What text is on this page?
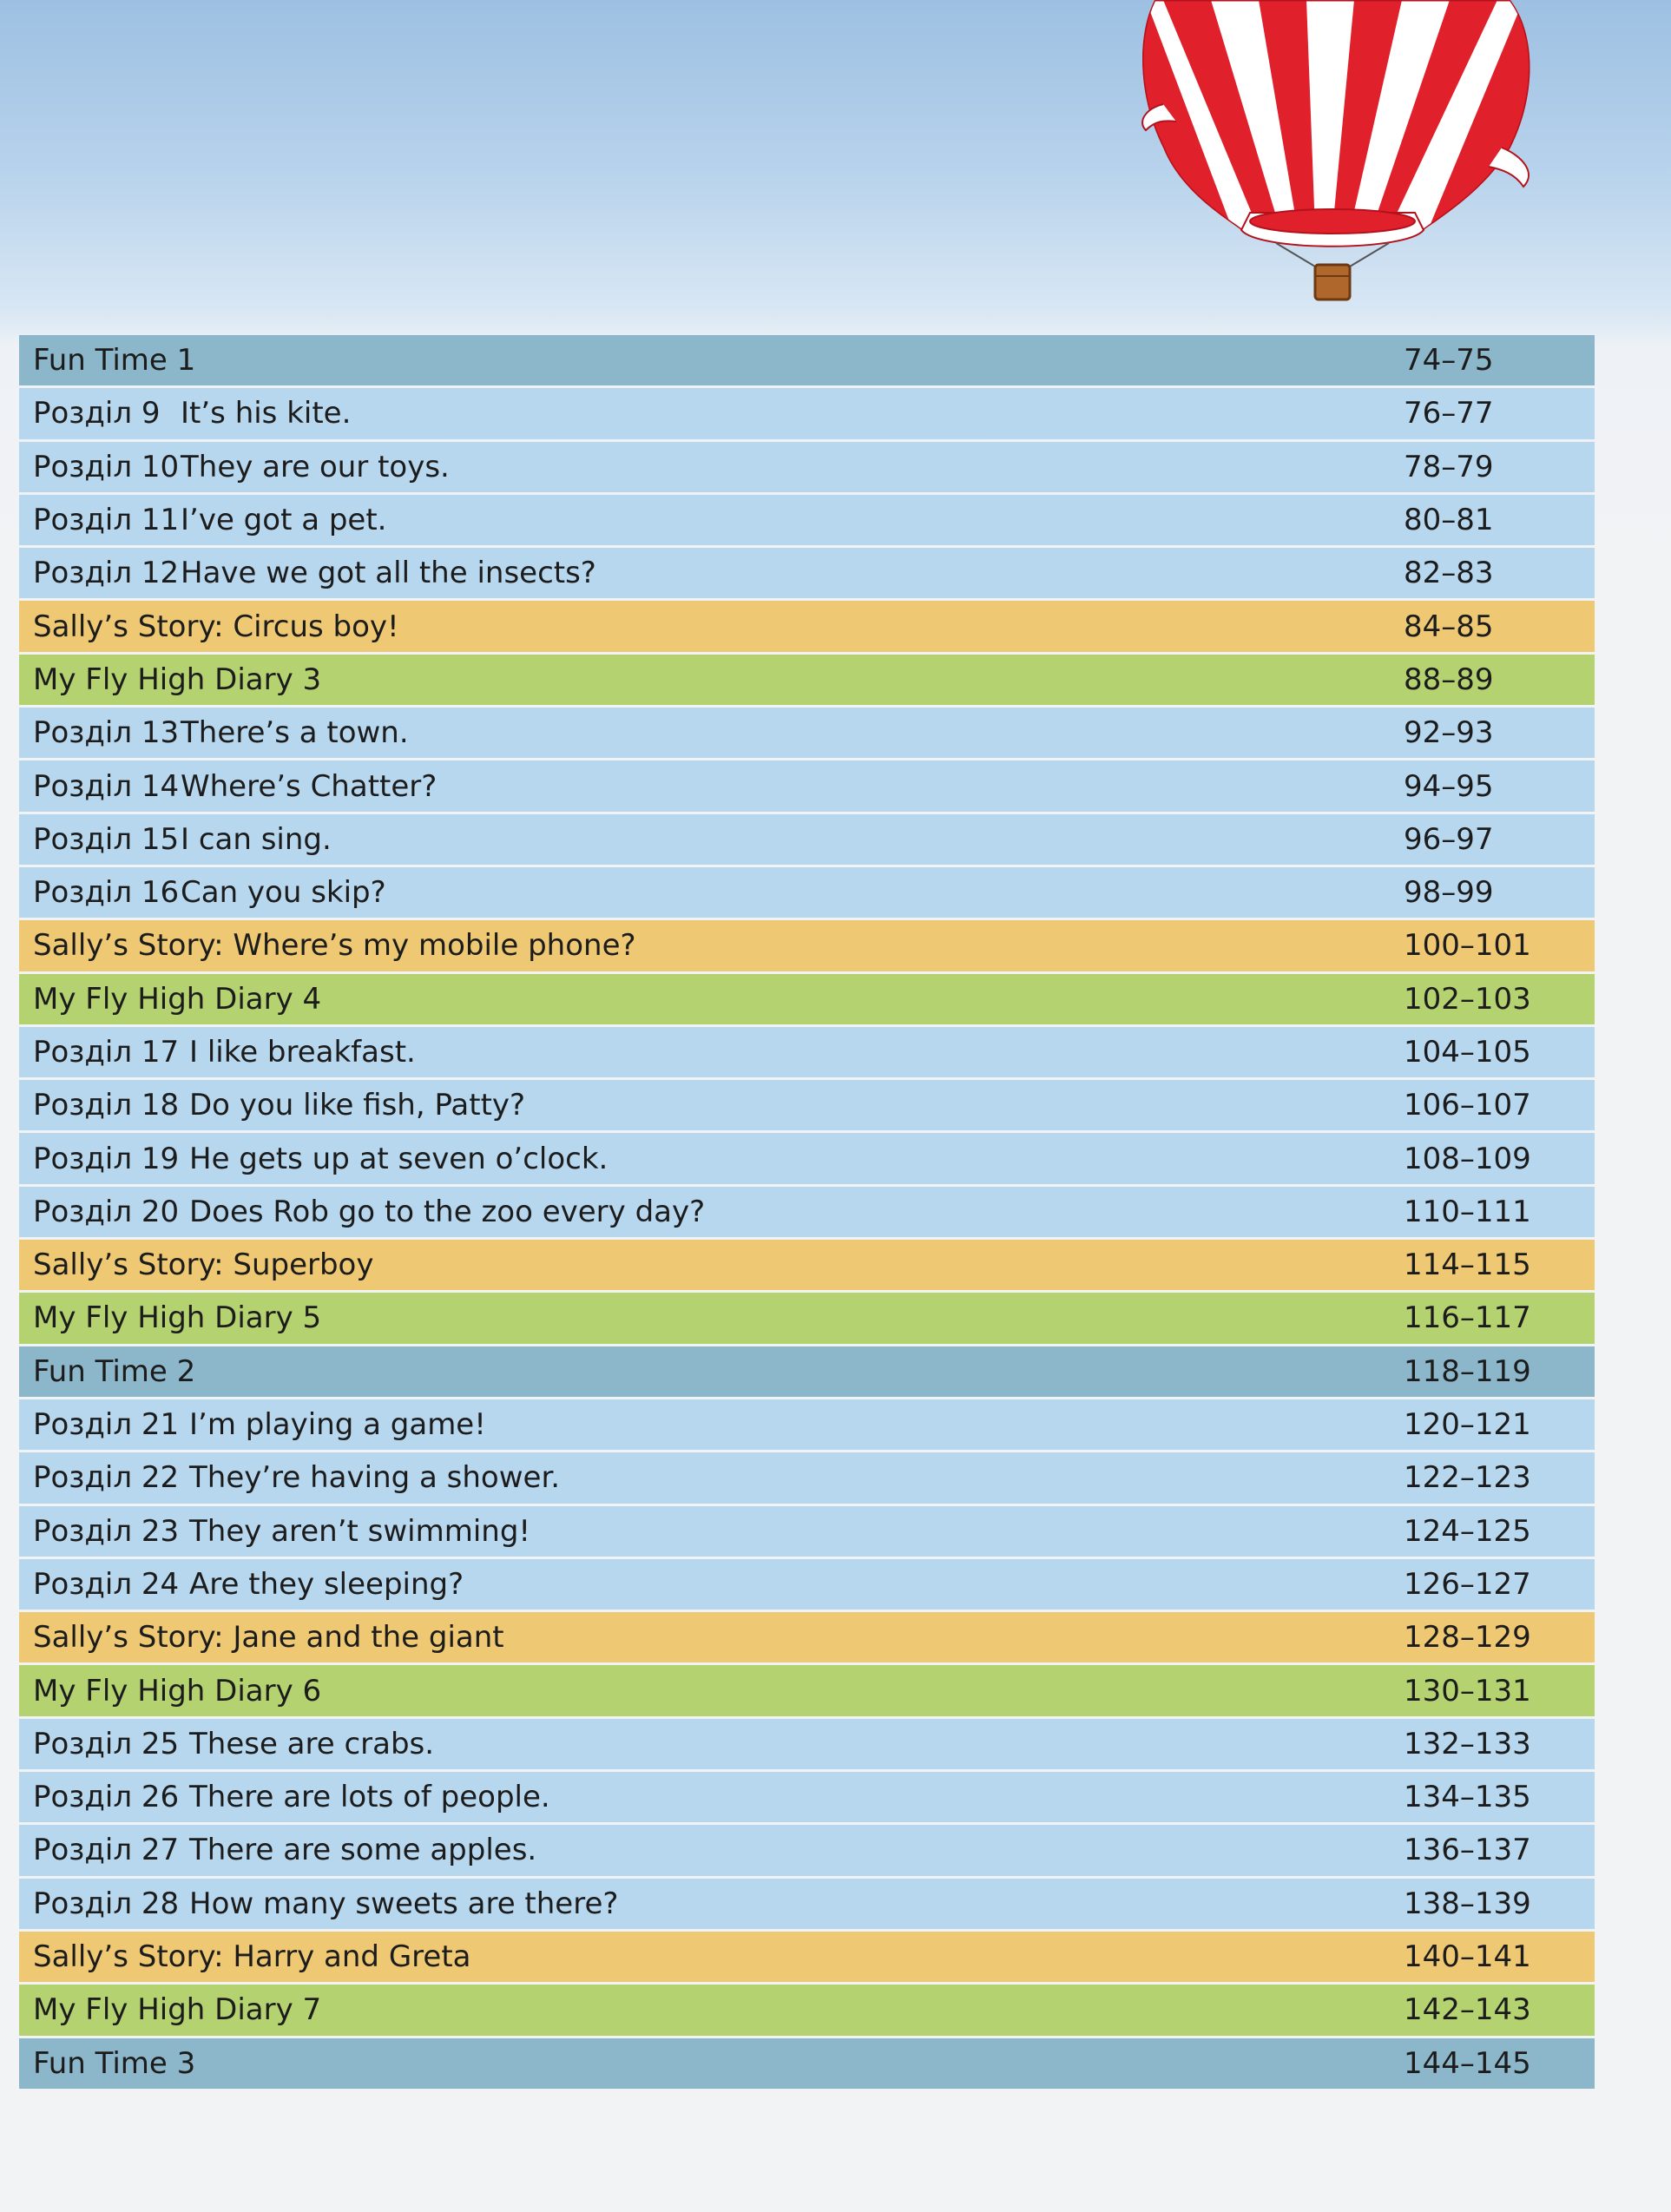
Fun Time 1	74–75
Розділ 9 It’s his kite.	76–77
Розділ 10 They are our toys.	78–79
Розділ 11 I’ve got a pet.	80–81
Розділ 12 Have we got all the insects?	82–83
Sally’s Story: Circus boy!	84–85
My Fly High Diary 3	88–89
Розділ 13 There’s a town.	92–93
Розділ 14 Where’s Chatter?	94–95
Розділ 15 I can sing.	96–97
Розділ 16 Can you skip?	98–99
Sally’s Story: Where’s my mobile phone?	100–101
My Fly High Diary 4	102–103
Розділ 17 I like breakfast.	104–105
Розділ 18 Do you like fish, Patty?	106–107
Розділ 19 He gets up at seven o’clock.	108–109
Розділ 20 Does Rob go to the zoo every day?	110–111
Sally’s Story: Superboy	114–115
My Fly High Diary 5	116–117
Fun Time 2	118–119
Розділ 21 I’m playing a game!	120–121
Розділ 22 They’re having a shower.	122–123
Розділ 23 They aren’t swimming!	124–125
Розділ 24 Are they sleeping?	126–127
Sally’s Story: Jane and the giant	128–129
My Fly High Diary 6	130–131
Розділ 25 These are crabs.	132–133
Розділ 26 There are lots of people.	134–135
Розділ 27 There are some apples.	136–137
Розділ 28 How many sweets are there?	138–139
Sally’s Story: Harry and Greta	140–141
My Fly High Diary 7	142–143
Fun Time 3	144–145
